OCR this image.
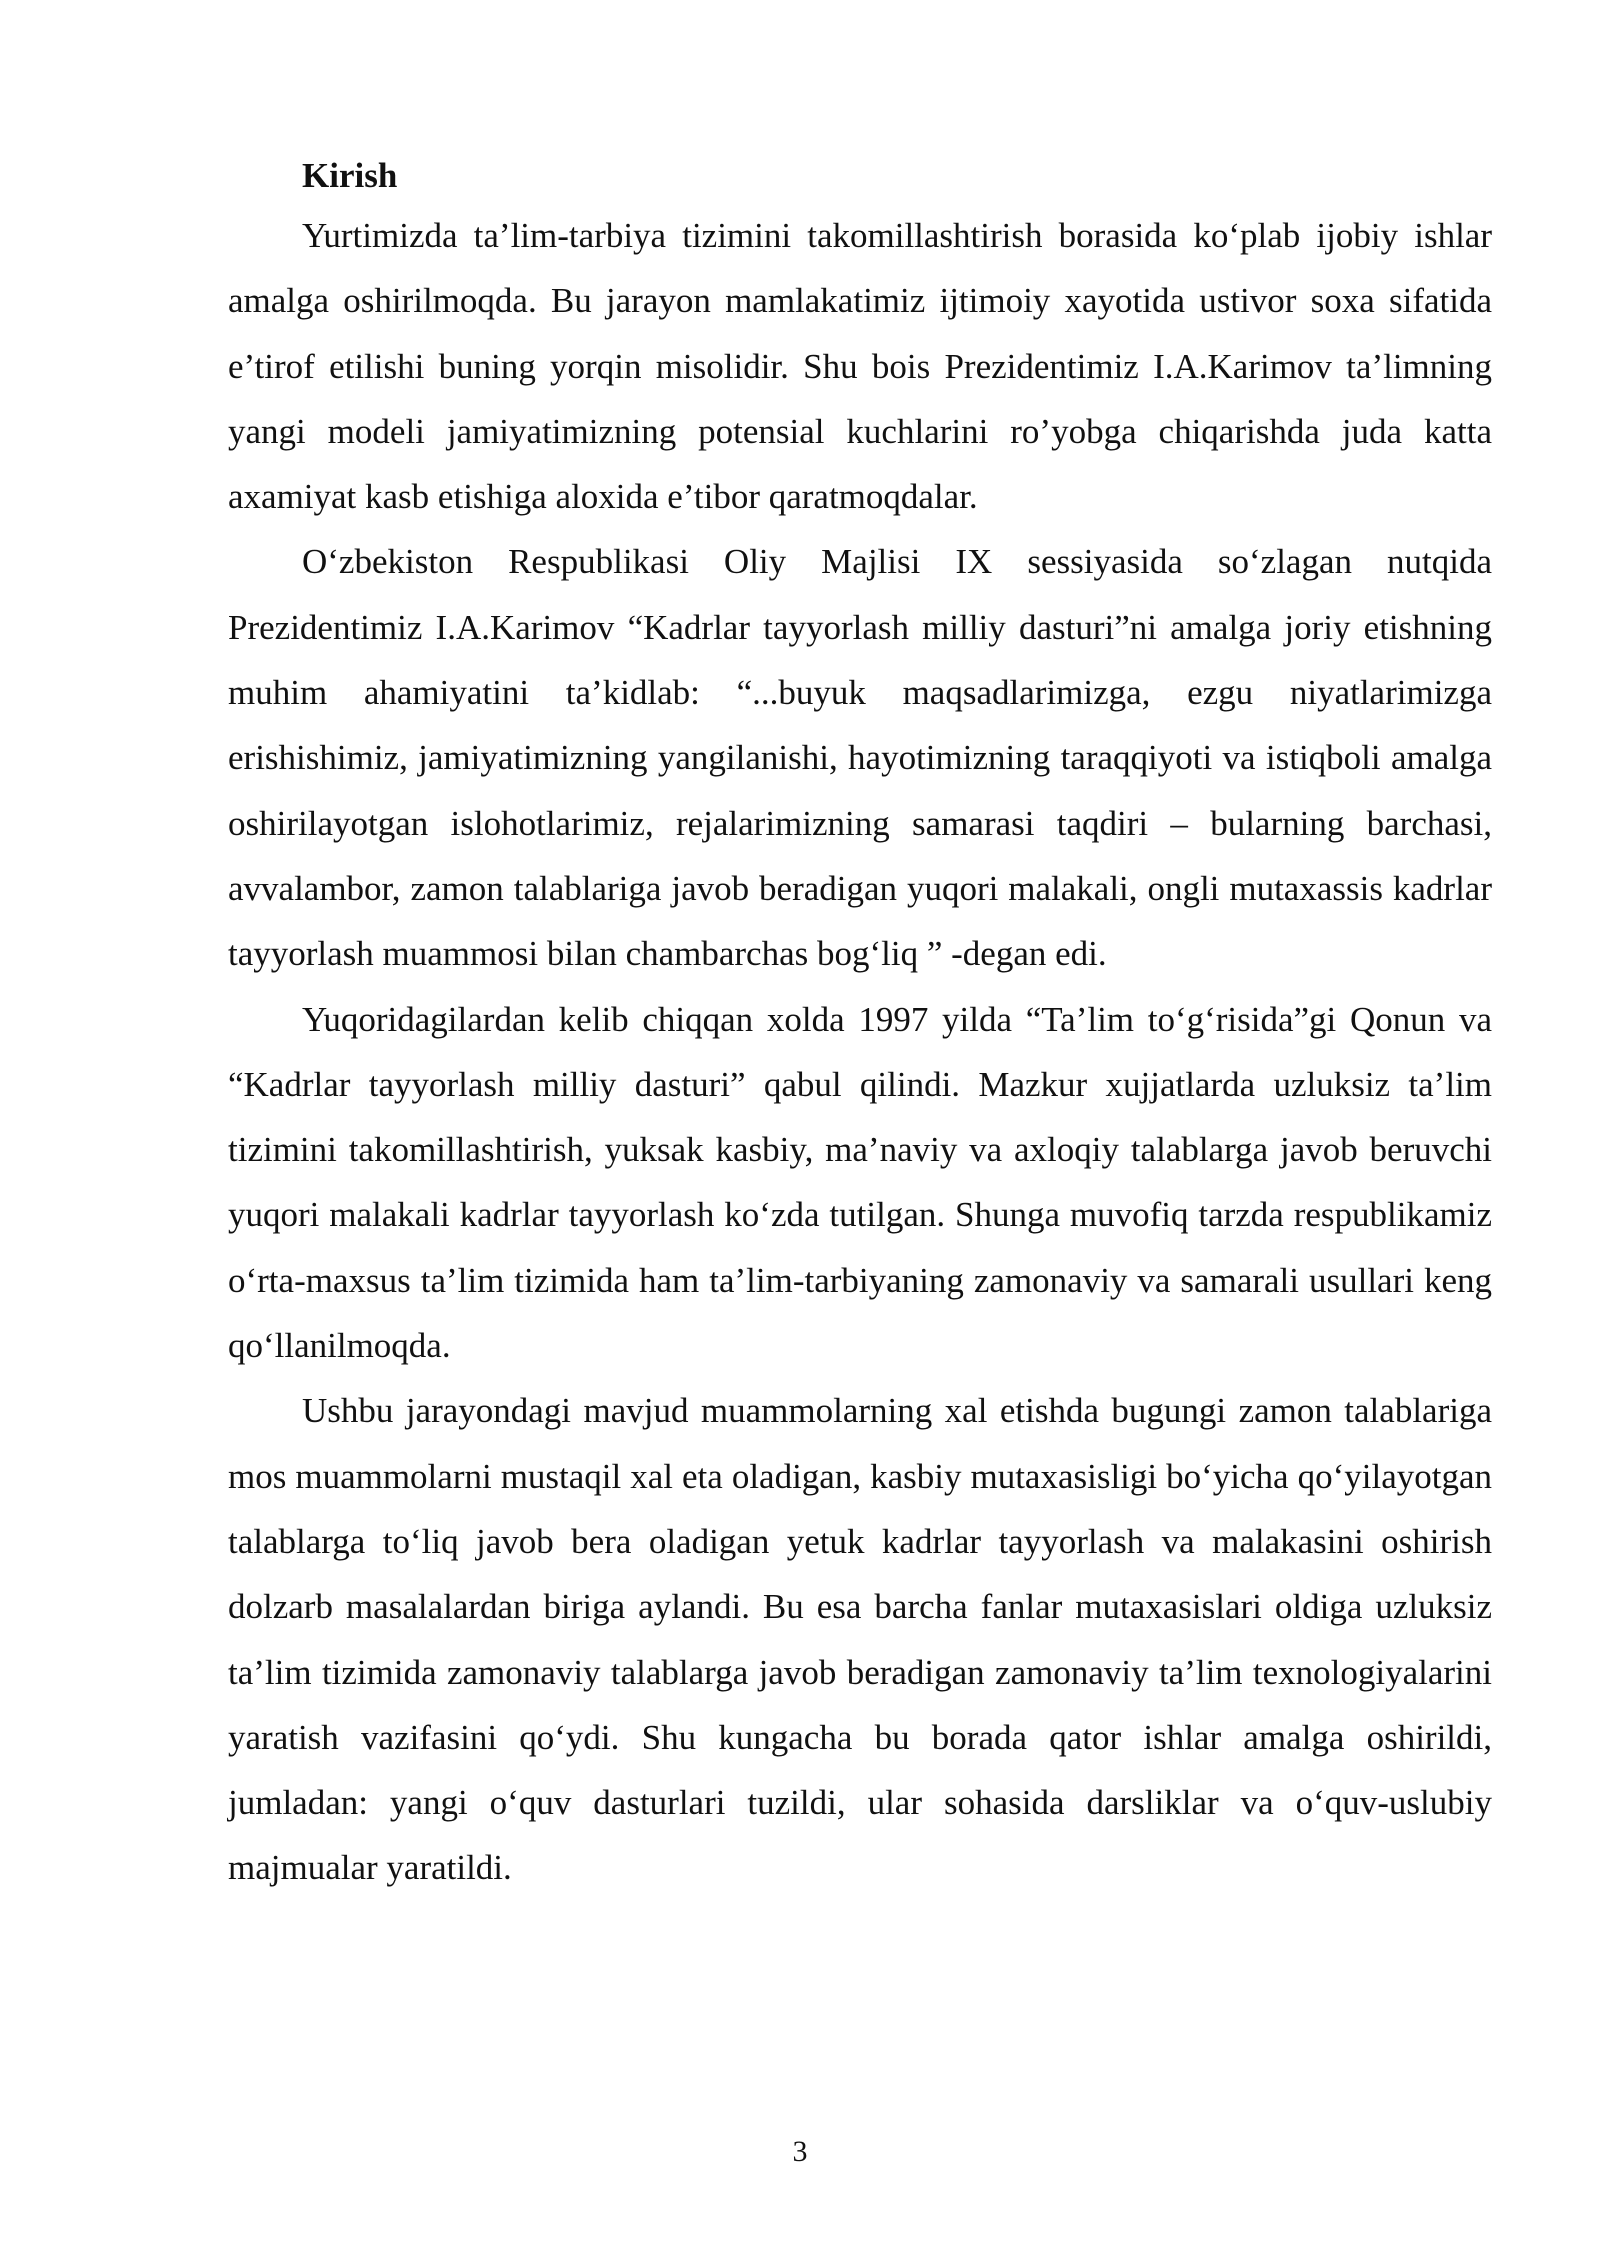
Kirish

Yurtimizda ta’lim-tarbiya tizimini takomillashtirish borasida ko‘plab ijobiy ishlar amalga oshirilmoqda. Bu jarayon mamlakatimiz ijtimoiy xayotida ustivor soxa sifatida e’tirof etilishi buning yorqin misolidir. Shu bois Prezidentimiz I.A.Karimov ta’limning yangi modeli jamiyatimizning potensial kuchlarini ro’yobga chiqarishda juda katta axamiyat kasb etishiga aloxida e’tibor qaratmoqdalar.

O‘zbekiston Respublikasi Oliy Majlisi IX sessiyasida so‘zlagan nutqida Prezidentimiz I.A.Karimov “Kadrlar tayyorlash milliy dasturi”ni amalga joriy etishning muhim ahamiyatini ta’kidlab: “...buyuk maqsadlarimizga, ezgu niyatlarimizga erishishimiz, jamiyatimizning yangilanishi, hayotimizning taraqqiyoti va istiqboli amalga oshirilayotgan islohotlarimiz, rejalarimizning samarasi taqdiri – bularning barchasi, avvalambor, zamon talablariga javob beradigan yuqori malakali, ongli mutaxassis kadrlar tayyorlash muammosi bilan chambarchas bog‘liq ” -degan edi.

Yuqoridagilardan kelib chiqqan xolda 1997 yilda “Ta’lim to‘g‘risida”gi Qonun va “Kadrlar tayyorlash milliy dasturi” qabul qilindi. Mazkur xujjatlarda uzluksiz ta’lim tizimini takomillashtirish, yuksak kasbiy, ma’naviy va axloqiy talablarga javob beruvchi yuqori malakali kadrlar tayyorlash ko‘zda tutilgan. Shunga muvofiq tarzda respublikamiz o‘rta-maxsus ta’lim tizimida ham ta’lim-tarbiyaning zamonaviy va samarali usullari keng qo‘llanilmoqda.

Ushbu jarayondagi mavjud muammolarning xal etishda bugungi zamon talablariga mos muammolarni mustaqil xal eta oladigan, kasbiy mutaxasisligi bo‘yicha qo‘yilayotgan talablarga to‘liq javob bera oladigan yetuk kadrlar tayyorlash va malakasini oshirish dolzarb masalalardan biriga aylandi. Bu esa barcha fanlar mutaxasislari oldiga uzluksiz ta’lim tizimida zamonaviy talablarga javob beradigan zamonaviy ta’lim texnologiyalarini yaratish vazifasini qo‘ydi. Shu kungacha bu borada qator ishlar amalga oshirildi, jumladan: yangi o‘quv dasturlari tuzildi, ular sohasida darsliklar va o‘quv-uslubiy majmualar yaratildi.

3
